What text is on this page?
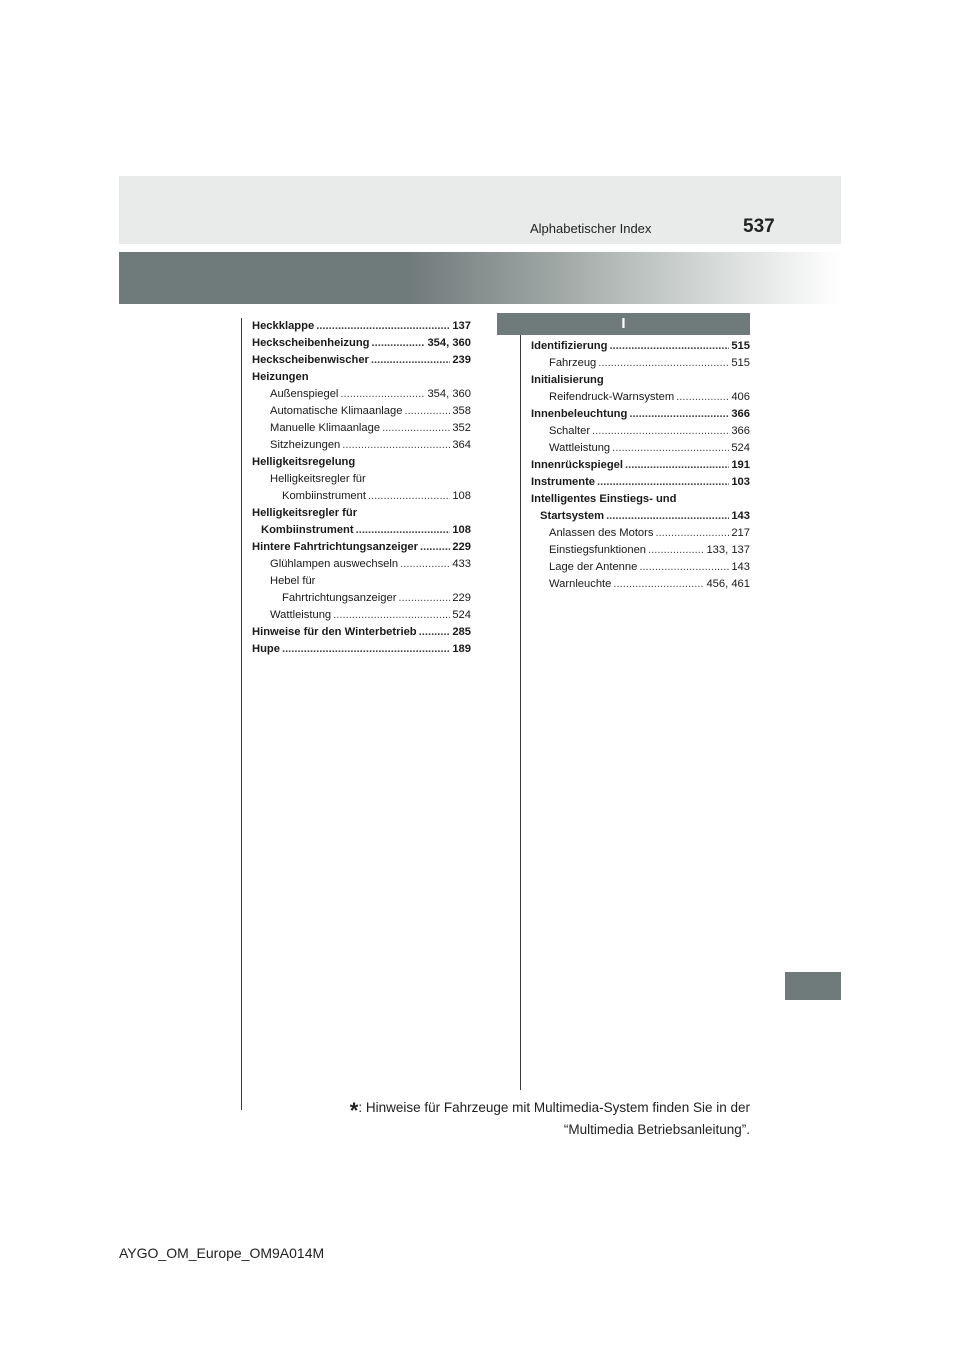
Alphabetischer Index	537
I
Heckklappe .....	137
Heckscheibenheizung .....	354, 360
Heckscheibenwischer .....	239
Heizungen
Außenspiegel .....	354, 360
Automatische Klimaanlage .....	358
Manuelle Klimaanlage .....	352
Sitzheizungen .....	364
Helligkeitsregelung
Helligkeitsregler für
Kombiinstrument .....	108
Helligkeitsregler für
Kombiinstrument .....	108
Hintere Fahrtrichtungsanzeiger .....	229
Glühlampen auswechseln .....	433
Hebel für
Fahrtrichtungsanzeiger .....	229
Wattleistung .....	524
Hinweise für den Winterbetrieb .....	285
Hupe .....	189
Identifizierung .....	515
Fahrzeug .....	515
Initialisierung
Reifendruck-Warnsystem .....	406
Innenbeleuchtung .....	366
Schalter .....	366
Wattleistung .....	524
Innenrückspiegel .....	191
Instrumente .....	103
Intelligentes Einstiegs- und
Startsystem .....	143
Anlassen des Motors .....	217
Einstiegsfunktionen .....	133, 137
Lage der Antenne .....	143
Warnleuchte .....	456, 461
*: Hinweise für Fahrzeuge mit Multimedia-System finden Sie in der
“Multimedia Betriebsanleitung”.
AYGO_OM_Europe_OM9A014M
